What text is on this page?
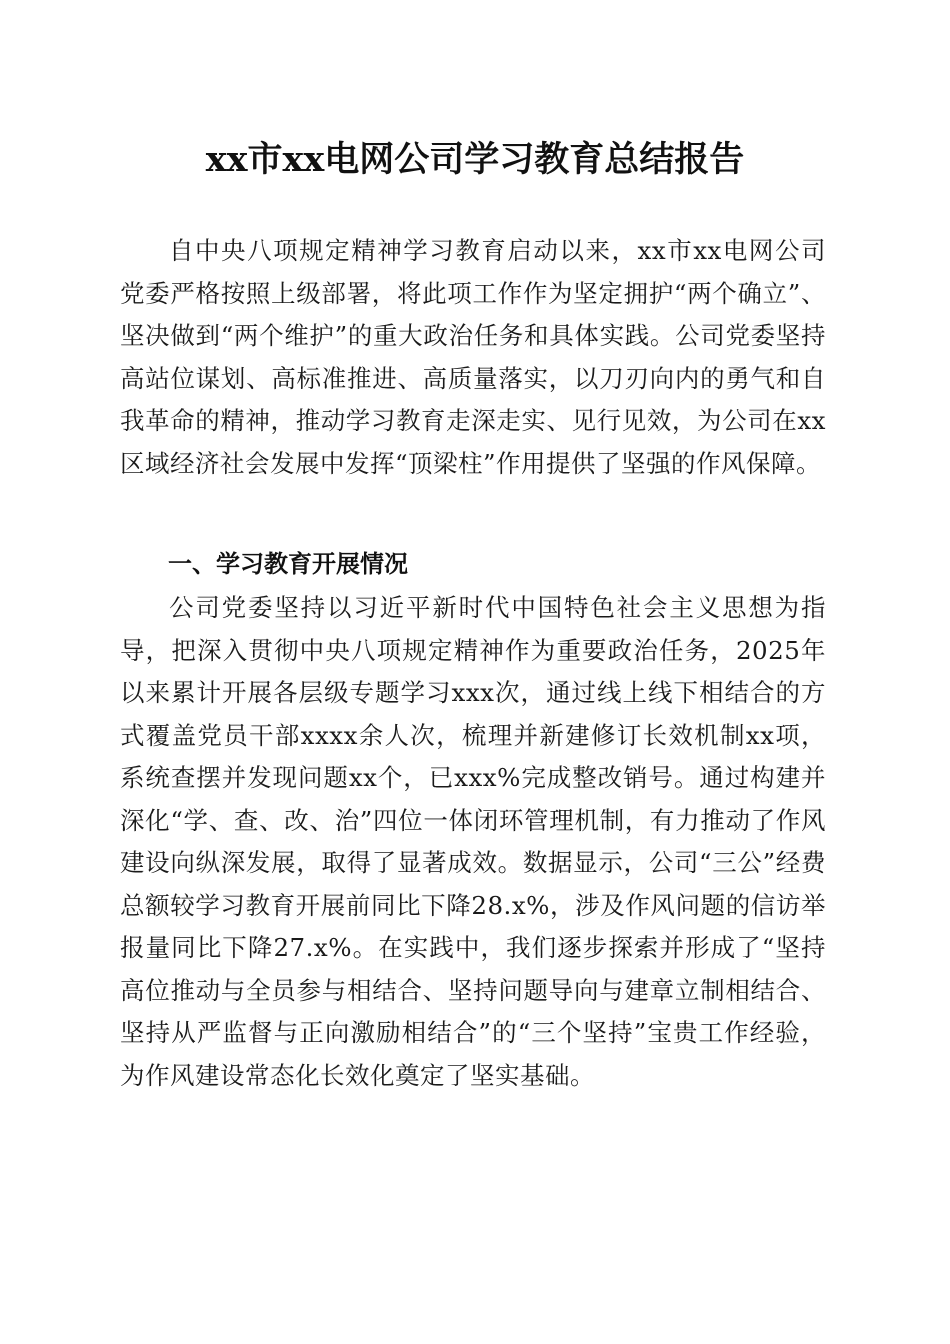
xx市xx电网公司学习教育总结报告

自中央八项规定精神学习教育启动以来，xx市xx电网公司党委严格按照上级部署，将此项工作作为坚定拥护“两个确立”、坚决做到“两个维护”的重大政治任务和具体实践。公司党委坚持高站位谋划、高标准推进、高质量落实，以刀刃向内的勇气和自我革命的精神，推动学习教育走深走实、见行见效，为公司在xx区域经济社会发展中发挥“顶梁柱”作用提供了坚强的作风保障。

一、学习教育开展情况

公司党委坚持以习近平新时代中国特色社会主义思想为指导，把深入贯彻中央八项规定精神作为重要政治任务，2025年以来累计开展各层级专题学习xxx次，通过线上线下相结合的方式覆盖党员干部xxxx余人次，梳理并新建修订长效机制xx项，系统查摆并发现问题xx个，已xxx%完成整改销号。通过构建并深化“学、查、改、治”四位一体闭环管理机制，有力推动了作风建设向纵深发展，取得了显著成效。数据显示，公司“三公”经费总额较学习教育开展前同比下降28.x%，涉及作风问题的信访举报量同比下降27.x%。在实践中，我们逐步探索并形成了“坚持高位推动与全员参与相结合、坚持问题导向与建章立制相结合、坚持从严监督与正向激励相结合”的“三个坚持”宝贵工作经验，为作风建设常态化长效化奠定了坚实基础。
